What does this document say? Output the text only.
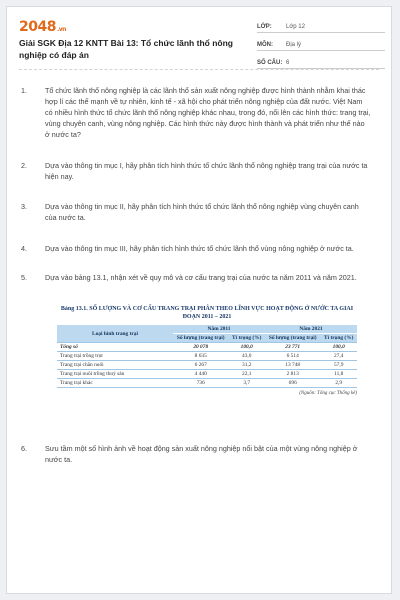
2048.vn
Giải SGK Địa 12 KNTT Bài 13: Tổ chức lãnh thổ nông nghiệp có đáp án
LỚP:	Lớp 12
MÔN:	Địa lý
SỐ CÂU: 6
1.	Tổ chức lãnh thổ nông nghiệp là các lãnh thổ sản xuất nông nghiệp được hình thành nhằm khai thác hợp lí các thế mạnh về tự nhiên, kinh tế - xã hội cho phát triển nông nghiệp của đất nước. Việt Nam có nhiều hình thức tổ chức lãnh thổ nông nghiệp khác nhau, trong đó, nổi lên các hình thức: trang trại, vùng chuyên canh, vùng nông nghiệp. Các hình thức này được hình thành và phát triển như thế nào ở nước ta?
2.	Dựa vào thông tin mục I, hãy phân tích hình thức tổ chức lãnh thổ nông nghiệp trang trại của nước ta hiện nay.
3.	Dựa vào thông tin mục II, hãy phân tích hình thức tổ chức lãnh thổ nông nghiệp vùng chuyên canh của nước ta.
4.	Dựa vào thông tin mục III, hãy phân tích hình thức tổ chức lãnh thổ vùng nông nghiệp ở nước ta.
5.	Dựa vào bảng 13.1, nhận xét về quy mô và cơ cấu trang trại của nước ta năm 2011 và năm 2021.
Bảng 13.1. SỐ LƯỢNG VÀ CƠ CẤU TRANG TRẠI PHÂN THEO LĨNH VỰC HOẠT ĐỘNG Ở NƯỚC TA GIAI ĐOẠN 2011 – 2021
Loại hình trang trại	Năm 2011		Năm 2021	
	Số lượng (trang trại)	Tỉ trọng (%)	Số lượng (trang trại)	Tỉ trọng (%)
Tổng số	20 078	100,0	23 771	100,0
Trang trại trồng trọt	8 635	43,0	6 514	27,4
Trang trại chăn nuôi	6 267	31,2	13 748	57,9
Trang trại nuôi trồng thuỷ sản	4 440	22,1	2 813	11,8
Trang trại khác	736	3,7	696	2,9
(Nguồn: Tổng cục Thống kê)
6.	Sưu tầm một số hình ảnh về hoạt động sản xuất nông nghiệp nổi bật của một vùng nông nghiệp ở nước ta.
